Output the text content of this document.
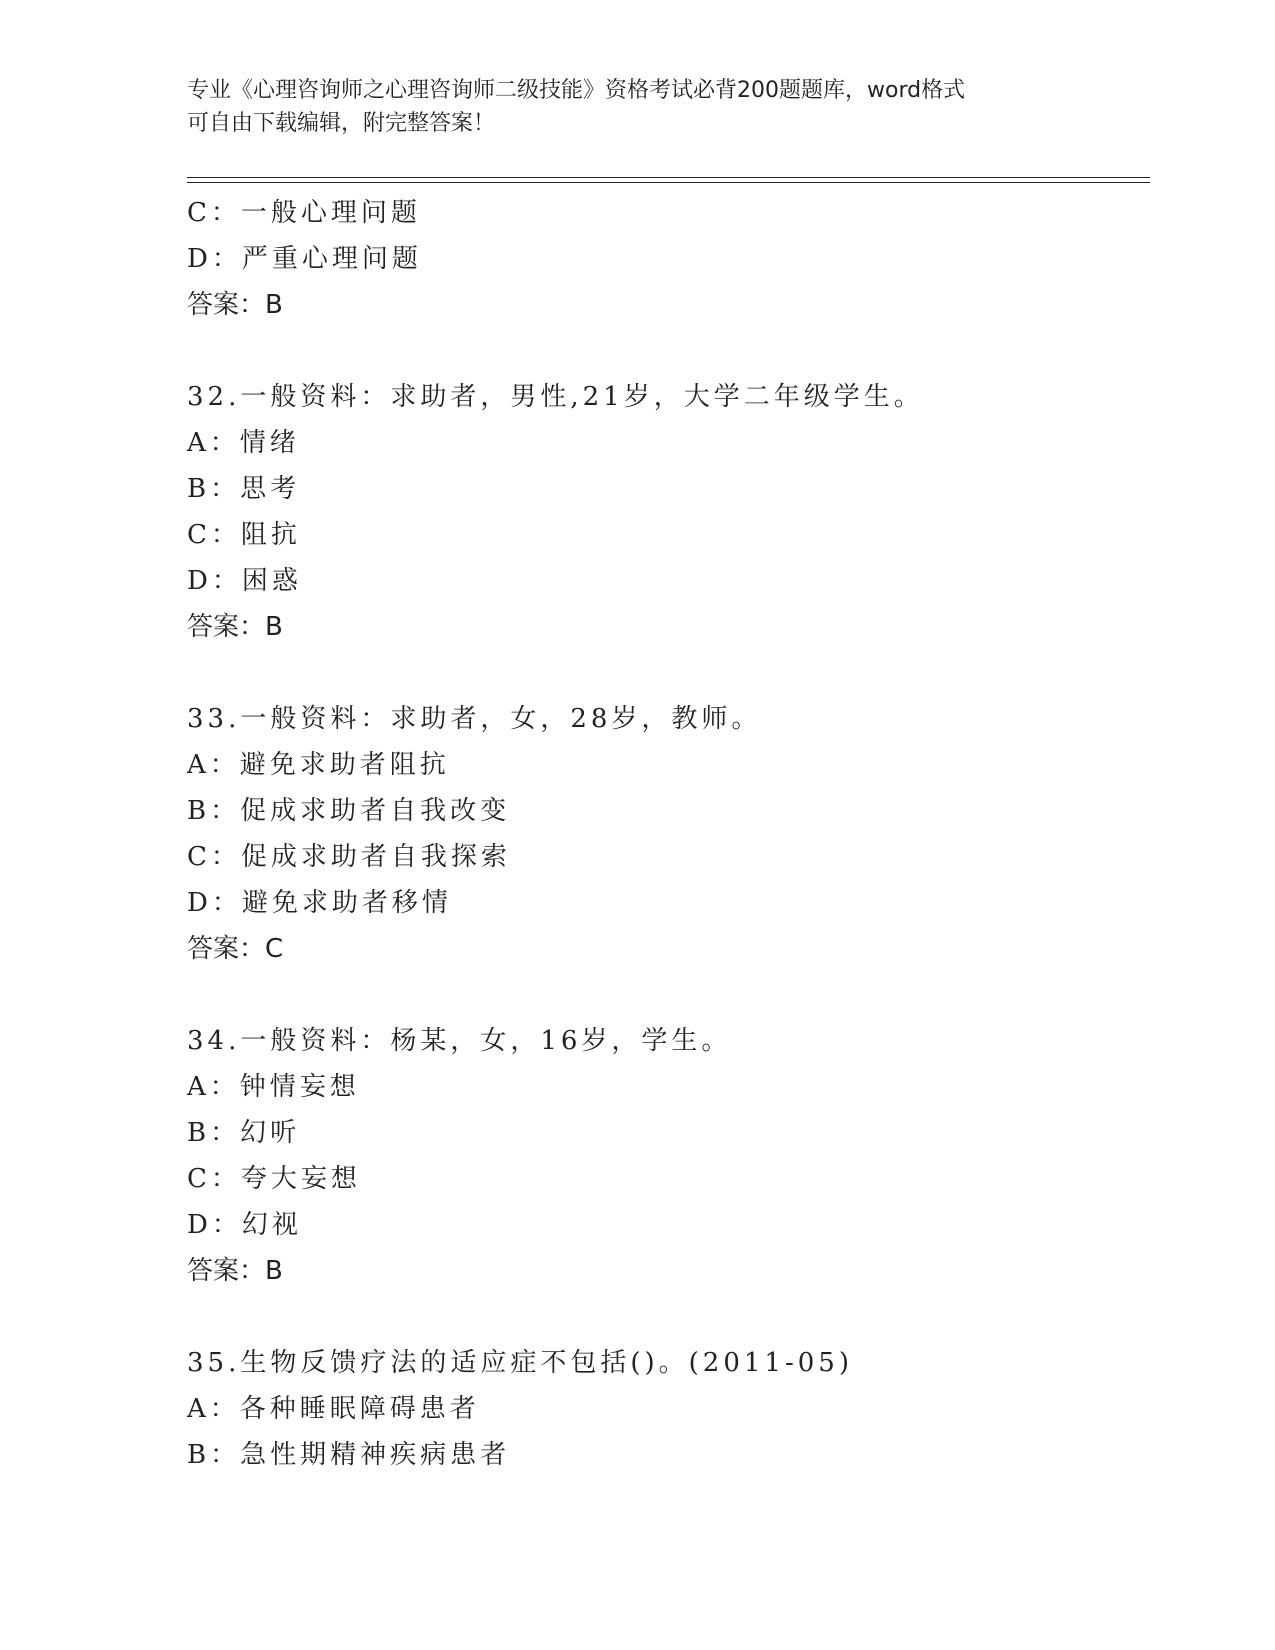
专业《心理咨询师之心理咨询师二级技能》资格考试必背200题题库，word格式
可自由下载编辑，附完整答案！
C：一般心理问题
D：严重心理问题
答案：B
32.一般资料：求助者，男性,21岁，大学二年级学生。
A：情绪
B：思考
C：阻抗
D：困惑
答案：B
33.一般资料：求助者，女，28岁，教师。
A：避免求助者阻抗
B：促成求助者自我改变
C：促成求助者自我探索
D：避免求助者移情
答案：C
34.一般资料：杨某，女，16岁，学生。
A：钟情妄想
B：幻听
C：夸大妄想
D：幻视
答案：B
35.生物反馈疗法的适应症不包括()。(2011-05)
A：各种睡眠障碍患者
B：急性期精神疾病患者
